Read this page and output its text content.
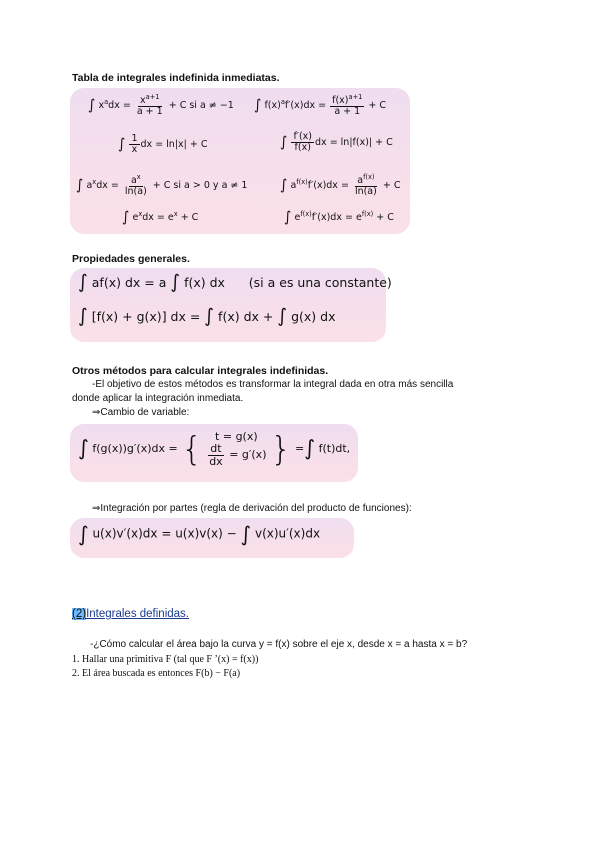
Tabla de integrales indefinida inmediatas.
∫ $x^adx = \frac{x^{a+1}}{a + 1} + C$ si a ≠ −1 ∫ $f(x)^af'(x)dx = \frac{f(x)^{a+1}}{a + 1} + C$
∫ $\frac{1}{x}$ dx = ln|x| + C	∫ $\frac{f'(x)}{f(x)}$ dx = ln|f(x)| + C
∫ $a^xdx = \frac{a^x}{\ln(a)} + C$ si a > 0 y a ≠ 1 ∫ $a^{f(x)}f'(x)dx = \frac{a^{f(x)}}{\ln(a)} + C$
∫ $e^xdx = e^x + C$	∫ $e^{f(x)}f'(x)dx = e^{f(x)} + C$
Propiedades generales.
∫ af(x) dx = a ∫ f(x) dx      (si a es una constante)
∫ [f(x) + g(x)] dx = ∫ f(x) dx + ∫ g(x) dx
Otros métodos para calcular integrales indefinidas.
-El objetivo de estos métodos es transformar la integral dada en otra más sencilla
donde aplicar la integración inmediata.
⇒Cambio de variable:
∫ f(g(x))g′(x)dx = { t = g(x)
$\frac{dt}{dx} = g'(x)$ } = ∫ f(t)dt,
⇒Integración por partes (regla de derivación del producto de funciones):
∫ u(x)v′(x)dx = u(x)v(x) − ∫ v(x)u′(x)dx
(2)Integrales definidas.
-¿Cómo calcular el área bajo la curva y = f(x) sobre el eje x, desde x = a hasta x = b?
1. Hallar una primitiva F (tal que F ’(x) = f(x))
2. El área buscada es entonces F(b) − F(a)
